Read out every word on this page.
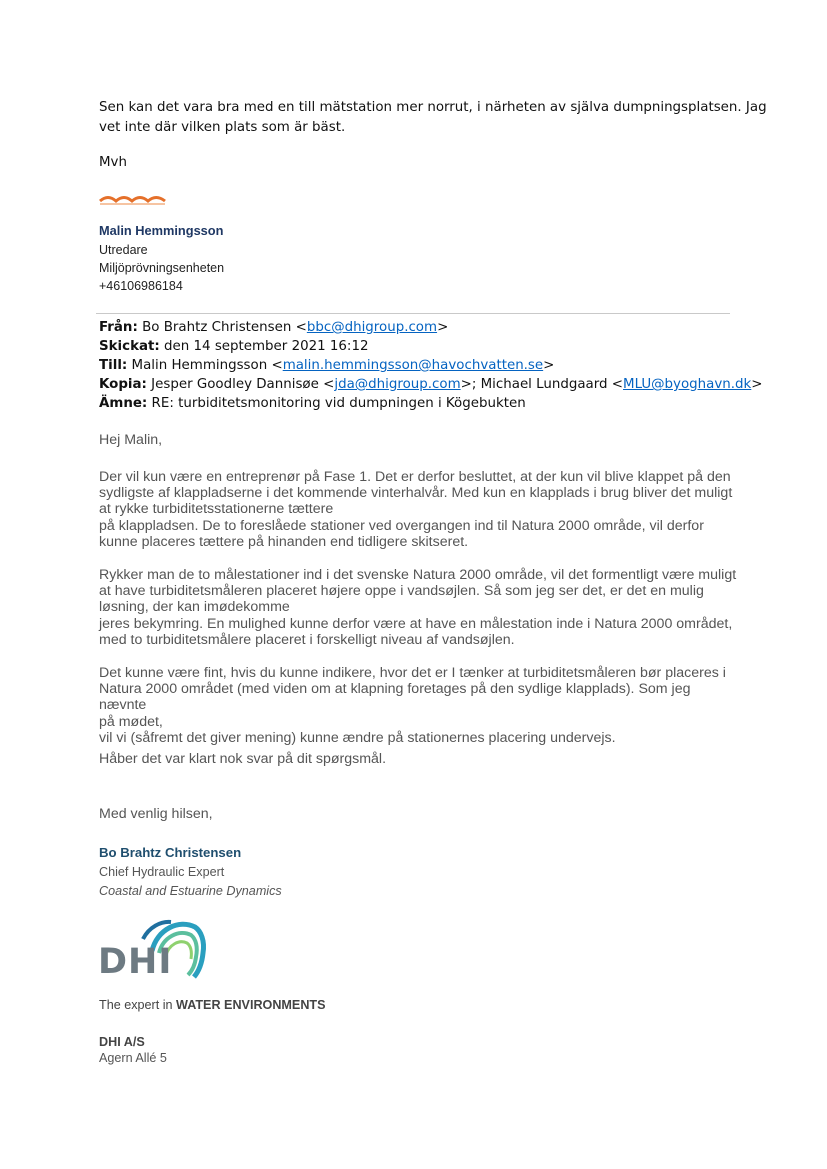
Sen kan det vara bra med en till mätstation mer norrut, i närheten av själva dumpningsplatsen. Jag
vet inte där vilken plats som är bäst.
Mvh
Malin Hemmingsson
Utredare
Miljöprövningsenheten
+46106986184
Från: Bo Brahtz Christensen <bbc@dhigroup.com>
Skickat: den 14 september 2021 16:12
Till: Malin Hemmingsson <malin.hemmingsson@havochvatten.se>
Kopia: Jesper Goodley Dannisøe <jda@dhigroup.com>; Michael Lundgaard <MLU@byoghavn.dk>
Ämne: RE: turbiditetsmonitoring vid dumpningen i Kögebukten
Hej Malin,

Der vil kun være en entreprenør på Fase 1. Det er derfor besluttet, at der kun vil blive klappet på den

sydligste af klappladserne i det kommende vinterhalvår. Med kun en klapplads i brug bliver det muligt

at rykke turbiditetsstationerne tættere

på klappladsen. De to foreslåede stationer ved overgangen ind til Natura 2000 område, vil derfor

kunne placeres tættere på hinanden end tidligere skitseret.

Rykker man de to målestationer ind i det svenske Natura 2000 område, vil det formentligt være muligt

at have turbiditetsmåleren placeret højere oppe i vandsøjlen. Så som jeg ser det, er det en mulig

løsning, der kan imødekomme

jeres bekymring. En mulighed kunne derfor være at have en målestation inde i Natura 2000 området,

med to turbiditetsmålere placeret i forskelligt niveau af vandsøjlen.

Det kunne være fint, hvis du kunne indikere, hvor det er I tænker at turbiditetsmåleren bør placeres i

Natura 2000 området (med viden om at klapning foretages på den sydlige klapplads). Som jeg nævnte

på mødet,

vil vi (såfremt det giver mening) kunne ændre på stationernes placering undervejs.

Håber det var klart nok svar på dit spørgsmål.
Med venlig hilsen,
Bo Brahtz Christensen
Chief Hydraulic Expert
Coastal and Estuarine Dynamics
DHI
The expert in WATER ENVIRONMENTS
DHI A/S
Agern Allé 5
